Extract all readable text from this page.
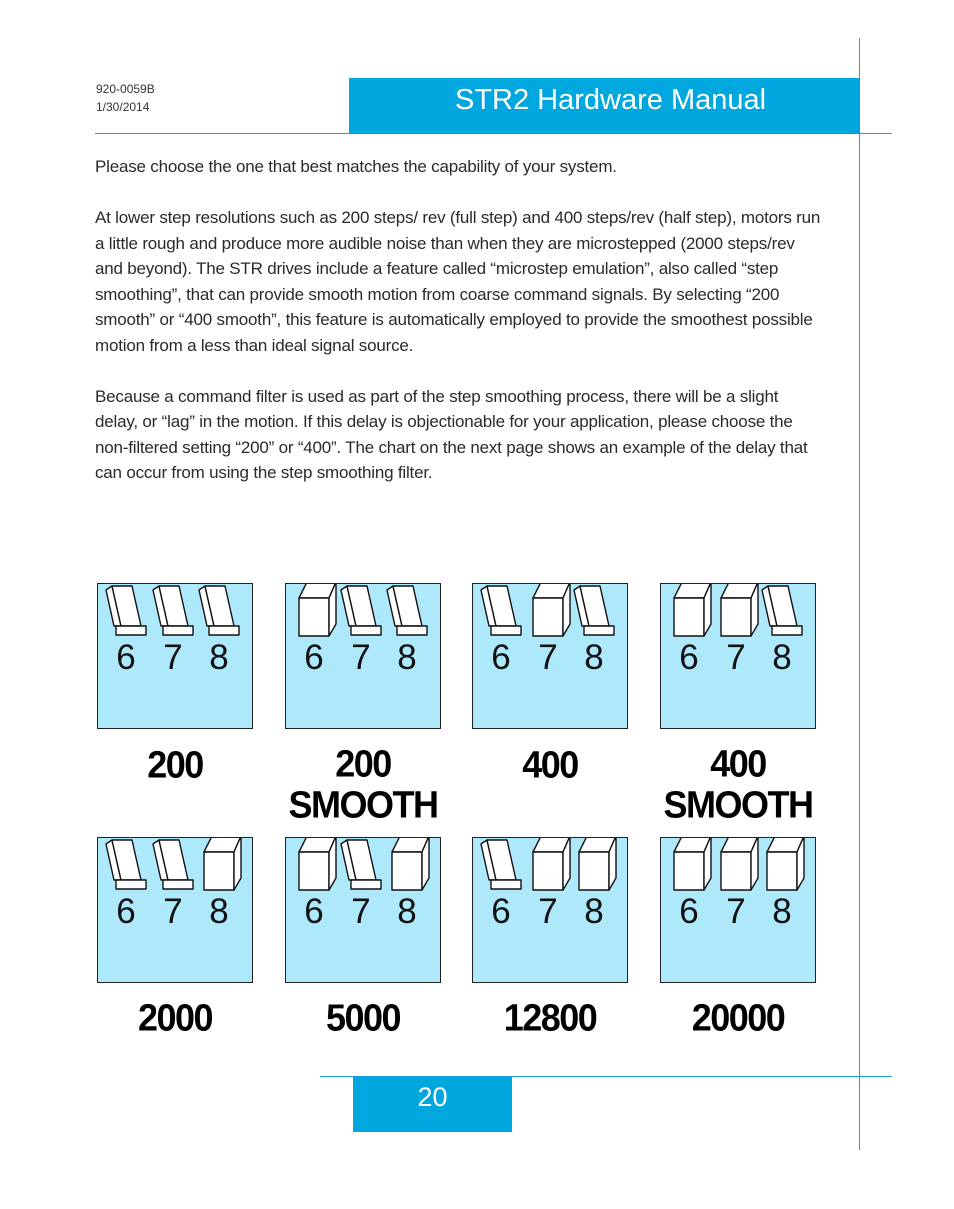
920-0059B
1/30/2014	STR2 Hardware Manual

Please choose the one that best matches the capability of your system.

At lower step resolutions such as 200 steps/ rev (full step) and 400 steps/rev (half step), motors run a little rough and produce more audible noise than when they are microstepped (2000 steps/rev and beyond). The STR drives include a feature called “microstep emulation”, also called “step smoothing”, that can provide smooth motion from coarse command signals. By selecting “200 smooth” or “400 smooth”, this feature is automatically employed to provide the smoothest possible motion from a less than ideal signal source.

Because a command filter is used as part of the step smoothing process, there will be a slight delay, or “lag” in the motion. If this delay is objectionable for your application, please choose the non-filtered setting “200” or “400”. The chart on the next page shows an example of the delay that can occur from using the step smoothing filter.

6 7 8
200
6 7 8
200
SMOOTH
6 7 8
400
6 7 8
400
SMOOTH
6 7 8
2000
6 7 8
5000
6 7 8
12800
6 7 8
20000
20
